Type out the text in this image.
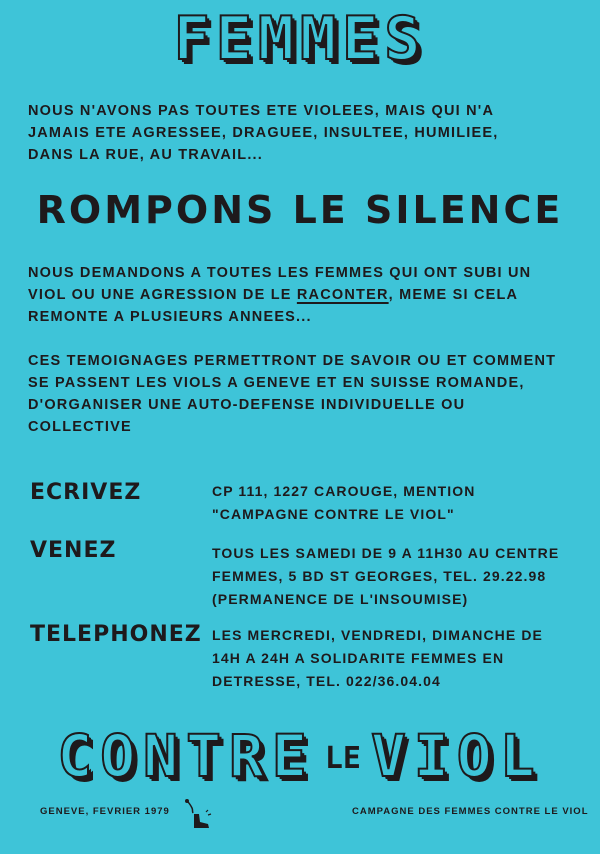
FEMMES
NOUS N'AVONS PAS TOUTES ETE VIOLEES, MAIS QUI N'A
JAMAIS ETE AGRESSEE, DRAGUEE, INSULTEE, HUMILIEE,
DANS LA RUE, AU TRAVAIL...
ROMPONS LE SILENCE
NOUS DEMANDONS A TOUTES LES FEMMES QUI ONT SUBI UN
VIOL OU UNE AGRESSION DE LE RACONTER, MEME SI CELA
REMONTE A PLUSIEURS ANNEES...
CES TEMOIGNAGES PERMETTRONT DE SAVOIR OU ET COMMENT
SE PASSENT LES VIOLS A GENEVE ET EN SUISSE ROMANDE,
D'ORGANISER UNE AUTO-DEFENSE INDIVIDUELLE OU
COLLECTIVE
ECRIVEZ	CP 111, 1227 CAROUGE, MENTION
"CAMPAGNE CONTRE LE VIOL"
VENEZ	TOUS LES SAMEDI DE 9 A 11H30 AU CENTRE
FEMMES, 5 BD ST GEORGES, TEL. 29.22.98
(PERMANENCE DE L'INSOUMISE)
TELEPHONEZ LES MERCREDI, VENDREDI, DIMANCHE DE
14H A 24H A SOLIDARITE FEMMES EN
DETRESSE, TEL. 022/36.04.04
CONTRE LE VIOL
GENEVE, FEVRIER 1979	CAMPAGNE DES FEMMES CONTRE LE VIOL
